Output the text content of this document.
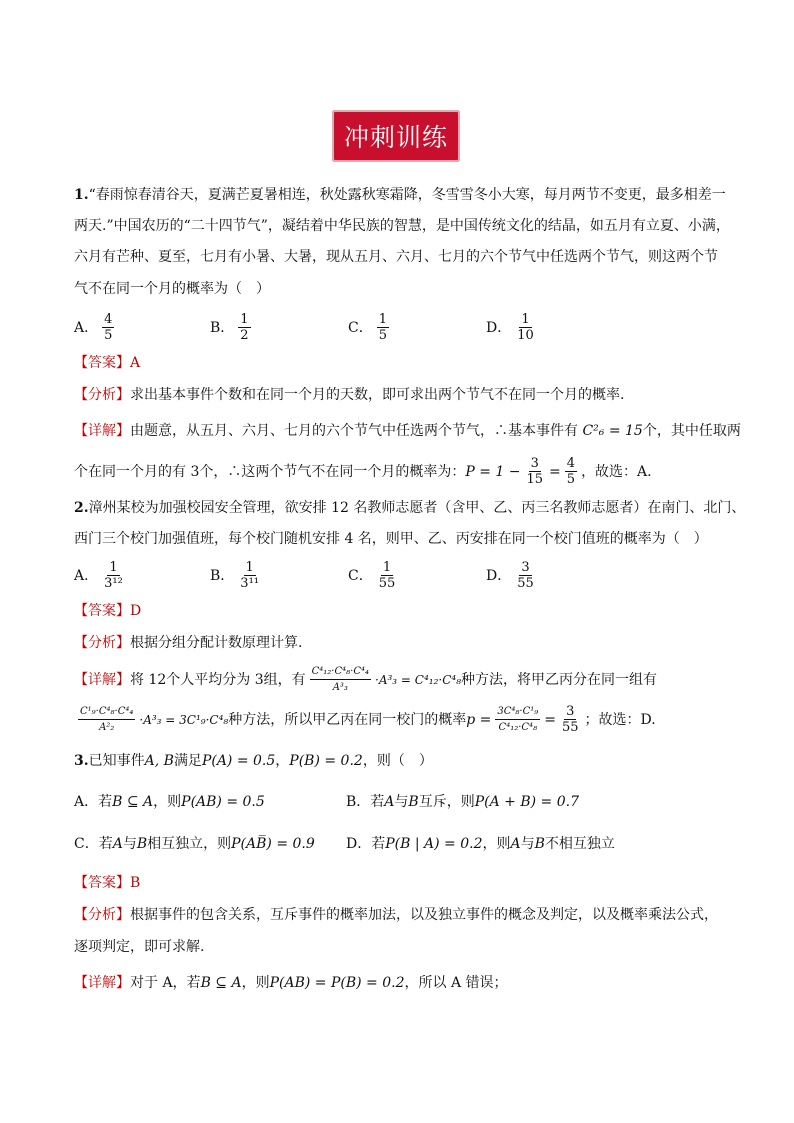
冲刺训练
1.“春雨惊春清谷天，夏满芒夏暑相连，秋处露秋寒霜降，冬雪雪冬小大寒，每月两节不变更，最多相差一
两天.”中国农历的“二十四节气”，凝结着中华民族的智慧，是中国传统文化的结晶，如五月有立夏、小满，
六月有芒种、夏至，七月有小暑、大暑，现从五月、六月、七月的六个节气中任选两个节气，则这两个节
气不在同一个月的概率为（　）
A． $\frac{4}{5}$	B． $\frac{1}{2}$	C． $\frac{1}{5}$	D． $\frac{1}{10}$
【答案】A
【分析】求出基本事件个数和在同一个月的天数，即可求出两个节气不在同一个月的概率.
【详解】由题意，从五月、六月、七月的六个节气中任选两个节气，∴基本事件有 C²₆ = 15个，其中任取两
个在同一个月的有 3个，∴这两个节气不在同一个月的概率为： $P = 1 - \frac{3}{15} = \frac{4}{5}$ ，故选：A.
2.漳州某校为加强校园安全管理，欲安排 12 名教师志愿者（含甲、乙、丙三名教师志愿者）在南门、北门、
西门三个校门加强值班，每个校门随机安排 4 名，则甲、乙、丙安排在同一个校门值班的概率为（　）
A． $\frac{1}{\text{3¹²}}$	B． $\frac{1}{\text{3¹¹}}$	C． $\frac{1}{55}$	D． $\frac{3}{55}$
【答案】D
【分析】根据分组分配计数原理计算.
【详解】 将 12个人平均分为 3组，有 $\frac{\text{C⁴₁₂·C⁴₈·C⁴₄}}{\text{A³₃}} \cdot A^3_3 = C^4_{12}\cdot C^4_8$ 种方法，将甲乙丙分在同一组有
$\frac{\text{C¹₉·C⁴₈·C⁴₄}}{\text{A²₂}} \cdot A^3_3 = 3C^1_9\cdot C^4_8$ 种方法，所以甲乙丙在同一校门的概率 $p = \frac{\text{3C⁴₈·C¹₉}}{\text{C⁴₁₂·C⁴₈}} = \frac{3}{55}$ ；故选：D.
3.已知事件A, B满足P(A) = 0.5，P(B) = 0.2，则（　）
A．若 B ⊆ A ，则 P(AB) = 0.5	B．若 A 与 B 互斥，则 P(A + B) = 0.7
C．若 A 与 B 相互独立，则 P(AB̅) = 0.9 D．若 P(B | A) = 0.2 ，则 A 与 B 不相互独立
【答案】B
【分析】根据事件的包含关系，互斥事件的概率加法，以及独立事件的概念及判定，以及概率乘法公式，
逐项判定，即可求解.
【详解】对于 A，若B ⊆ A，则P(AB) = P(B) = 0.2，所以 A 错误；
